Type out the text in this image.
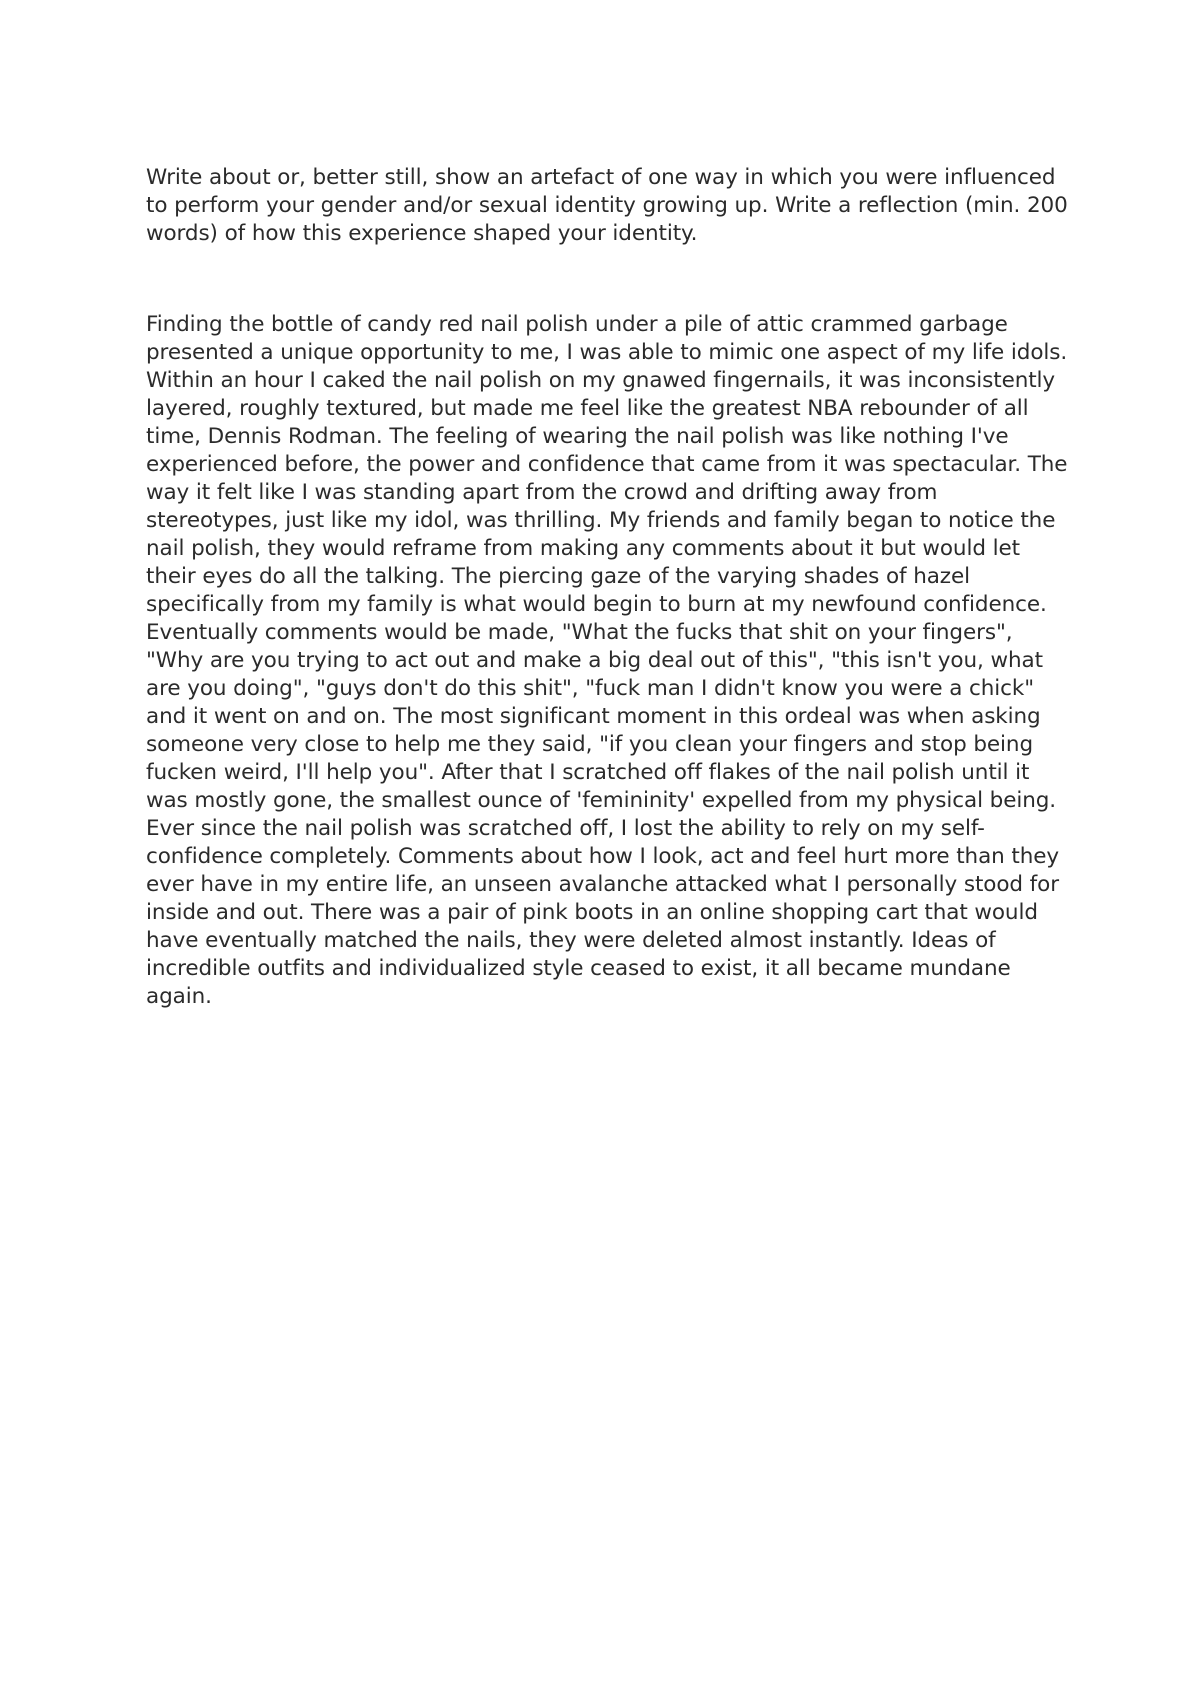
Write about or, better still, show an artefact of one way in which you were influenced to perform your gender and/or sexual identity growing up. Write a reflection (min. 200 words) of how this experience shaped your identity.

Finding the bottle of candy red nail polish under a pile of attic crammed garbage presented a unique opportunity to me, I was able to mimic one aspect of my life idols. Within an hour I caked the nail polish on my gnawed fingernails, it was inconsistently layered, roughly textured, but made me feel like the greatest NBA rebounder of all time, Dennis Rodman. The feeling of wearing the nail polish was like nothing I've experienced before, the power and confidence that came from it was spectacular. The way it felt like I was standing apart from the crowd and drifting away from stereotypes, just like my idol, was thrilling. My friends and family began to notice the nail polish, they would reframe from making any comments about it but would let their eyes do all the talking. The piercing gaze of the varying shades of hazel specifically from my family is what would begin to burn at my newfound confidence. Eventually comments would be made, "What the fucks that shit on your fingers", "Why are you trying to act out and make a big deal out of this", "this isn't you, what are you doing", "guys don't do this shit", "fuck man I didn't know you were a chick" and it went on and on. The most significant moment in this ordeal was when asking someone very close to help me they said, "if you clean your fingers and stop being fucken weird, I'll help you". After that I scratched off flakes of the nail polish until it was mostly gone, the smallest ounce of 'femininity' expelled from my physical being. Ever since the nail polish was scratched off, I lost the ability to rely on my self-confidence completely. Comments about how I look, act and feel hurt more than they ever have in my entire life, an unseen avalanche attacked what I personally stood for inside and out. There was a pair of pink boots in an online shopping cart that would have eventually matched the nails, they were deleted almost instantly. Ideas of incredible outfits and individualized style ceased to exist, it all became mundane again.
